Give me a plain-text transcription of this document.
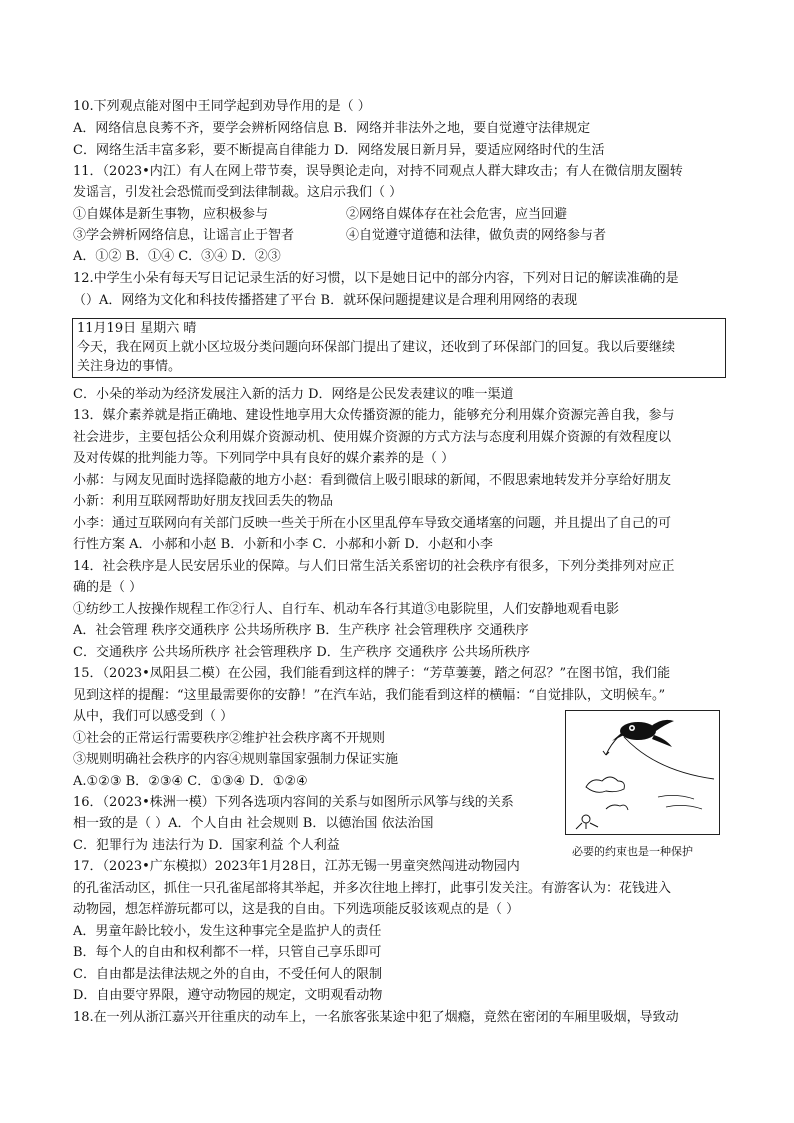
10.下列观点能对图中王同学起到劝导作用的是（ ）
A．网络信息良莠不齐，要学会辨析网络信息 B．网络并非法外之地，要自觉遵守法律规定
C．网络生活丰富多彩，要不断提高自律能力 D．网络发展日新月异，要适应网络时代的生活
11．（2023•内江）有人在网上带节奏，误导舆论走向，对持不同观点人群大肆攻击；有人在微信朋友圈转
发谣言，引发社会恐慌而受到法律制裁。这启示我们（ ）
①自媒体是新生事物，应积极参与	②网络自媒体存在社会危害，应当回避
③学会辨析网络信息，让谣言止于智者	④自觉遵守道德和法律，做负责的网络参与者
A．①② B．①④ C．③④ D．②③
12.中学生小朵有每天写日记记录生活的好习惯，以下是她日记中的部分内容，下列对日记的解读准确的是
（）A．网络为文化和科技传播搭建了平台 B．就环保问题提建议是合理利用网络的表现
11月19日 星期六 晴
今天，我在网页上就小区垃圾分类问题向环保部门提出了建议，还收到了环保部门的回复。我以后要继续
关注身边的事情。
C．小朵的举动为经济发展注入新的活力 D．网络是公民发表建议的唯一渠道
13．媒介素养就是指正确地、建设性地享用大众传播资源的能力，能够充分利用媒介资源完善自我，参与
社会进步，主要包括公众利用媒介资源动机、使用媒介资源的方式方法与态度利用媒介资源的有效程度以
及对传媒的批判能力等。下列同学中具有良好的媒介素养的是（ ）
小郝：与网友见面时选择隐蔽的地方小赵：看到微信上吸引眼球的新闻，不假思索地转发并分享给好朋友
小新：利用互联网帮助好朋友找回丢失的物品
小李：通过互联网向有关部门反映一些关于所在小区里乱停车导致交通堵塞的问题，并且提出了自己的可
行性方案 A．小郝和小赵 B．小新和小李 C．小郝和小新 D．小赵和小李
14．社会秩序是人民安居乐业的保障。与人们日常生活关系密切的社会秩序有很多，下列分类排列对应正
确的是（ ）
①纺纱工人按操作规程工作②行人、自行车、机动车各行其道③电影院里，人们安静地观看电影
A．社会管理 秩序交通秩序 公共场所秩序 B．生产秩序 社会管理秩序 交通秩序
C．交通秩序 公共场所秩序 社会管理秩序 D．生产秩序 交通秩序 公共场所秩序
15．（2023•凤阳县二模）在公园，我们能看到这样的牌子：“芳草萋萋，踏之何忍？”在图书馆，我们能
见到这样的提醒：“这里最需要你的安静！”在汽车站，我们能看到这样的横幅：“自觉排队，文明候车。”
从中，我们可以感受到（ ）
①社会的正常运行需要秩序②维护社会秩序离不开规则
③规则明确社会秩序的内容④规则靠国家强制力保证实施
A.①②③ B．②③④ C．①③④ D．①②④
必要的约束也是一种保护
16．（2023•株洲一模）下列各选项内容间的关系与如图所示风筝与线的关系
相一致的是（ ）A．个人自由 社会规则 B．以德治国 依法治国
C．犯罪行为 违法行为 D．国家利益 个人利益
17．（2023•广东模拟）2023年1月28日，江苏无锡一男童突然闯进动物园内
的孔雀活动区，抓住一只孔雀尾部将其举起，并多次往地上摔打，此事引发关注。有游客认为：花钱进入
动物园，想怎样游玩都可以，这是我的自由。下列选项能反驳该观点的是（ ）
A．男童年龄比较小，发生这种事完全是监护人的责任
B．每个人的自由和权利都不一样，只管自己享乐即可
C．自由都是法律法规之外的自由，不受任何人的限制
D．自由要守界限，遵守动物园的规定，文明观看动物
18.在一列从浙江嘉兴开往重庆的动车上，一名旅客张某途中犯了烟瘾，竟然在密闭的车厢里吸烟，导致动
